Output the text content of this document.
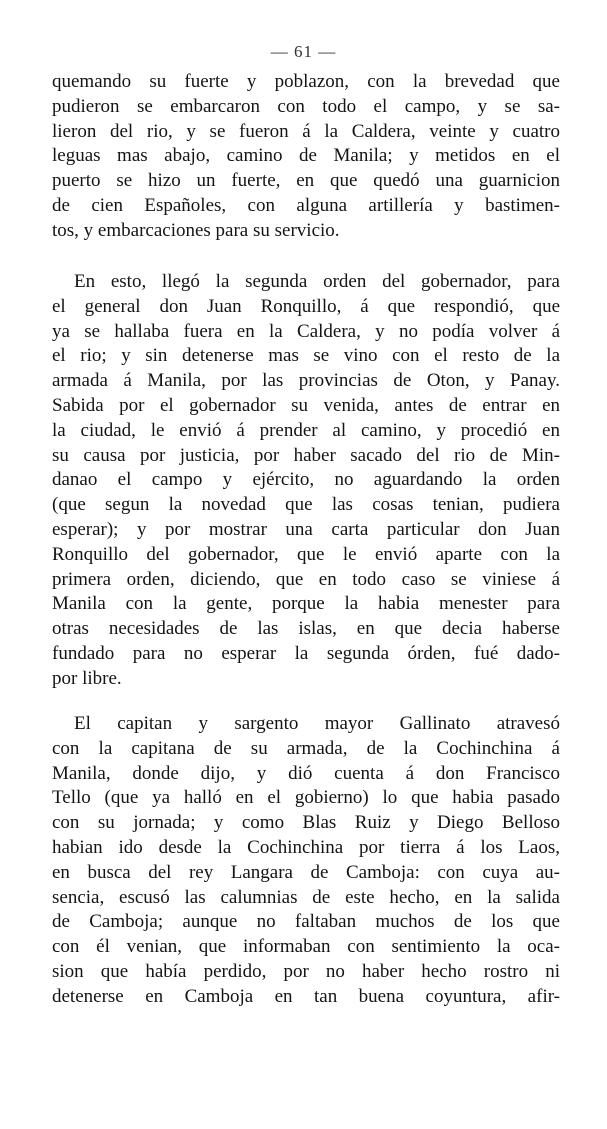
— 61 —
quemando su fuerte y poblazon, con la brevedad que
pudieron se embarcaron con todo el campo, y se sa-
lieron del rio, y se fueron á la Caldera, veinte y cuatro
leguas mas abajo, camino de Manila; y metidos en el
puerto se hizo un fuerte, en que quedó una guarnicion
de cien Españoles, con alguna artillería y bastimen-
tos, y embarcaciones para su servicio.
En esto, llegó la segunda orden del gobernador, para
el general don Juan Ronquillo, á que respondió, que
ya se hallaba fuera en la Caldera, y no podía volver á
el rio; y sin detenerse mas se vino con el resto de la
armada á Manila, por las provincias de Oton, y Panay.
Sabida por el gobernador su venida, antes de entrar en
la ciudad, le envió á prender al camino, y procedió en
su causa por justicia, por haber sacado del rio de Min-
danao el campo y ejército, no aguardando la orden
(que segun la novedad que las cosas tenian, pudiera
esperar); y por mostrar una carta particular don Juan
Ronquillo del gobernador, que le envió aparte con la
primera orden, diciendo, que en todo caso se viniese á
Manila con la gente, porque la habia menester para
otras necesidades de las islas, en que decia haberse
fundado para no esperar la segunda órden, fué dado-
por libre.
El capitan y sargento mayor Gallinato atravesó
con la capitana de su armada, de la Cochinchina á
Manila, donde dijo, y dió cuenta á don Francisco
Tello (que ya halló en el gobierno) lo que habia pasado
con su jornada; y como Blas Ruiz y Diego Belloso
habian ido desde la Cochinchina por tierra á los Laos,
en busca del rey Langara de Camboja: con cuya au-
sencia, escusó las calumnias de este hecho, en la salida
de Camboja; aunque no faltaban muchos de los que
con él venian, que informaban con sentimiento la oca-
sion que había perdido, por no haber hecho rostro ni
detenerse en Camboja en tan buena coyuntura, afir-
